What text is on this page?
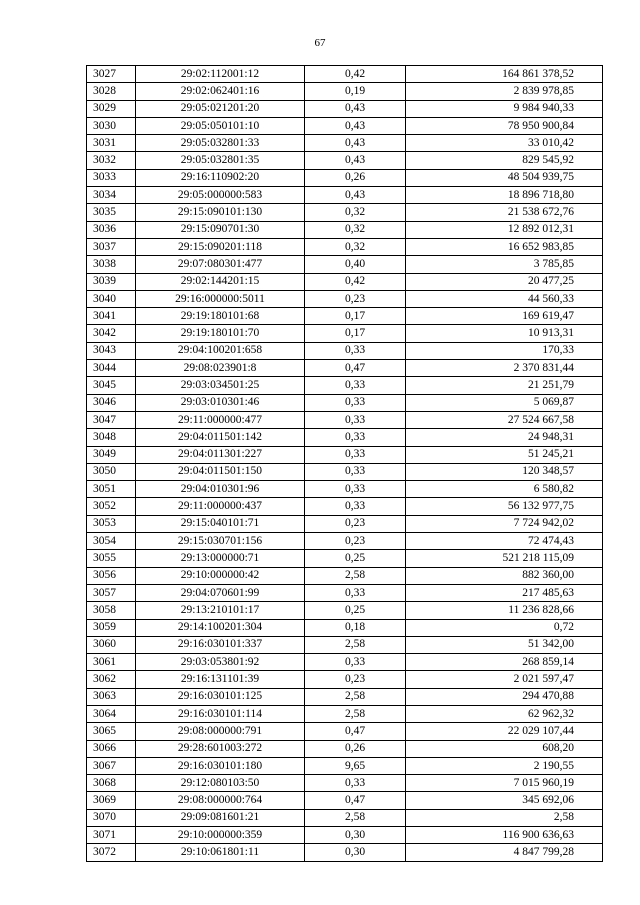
67
3027	29:02:112001:12	0,42	164 861 378,52
3028	29:02:062401:16	0,19	2 839 978,85
3029	29:05:021201:20	0,43	9 984 940,33
3030	29:05:050101:10	0,43	78 950 900,84
3031	29:05:032801:33	0,43	33 010,42
3032	29:05:032801:35	0,43	829 545,92
3033	29:16:110902:20	0,26	48 504 939,75
3034	29:05:000000:583	0,43	18 896 718,80
3035	29:15:090101:130	0,32	21 538 672,76
3036	29:15:090701:30	0,32	12 892 012,31
3037	29:15:090201:118	0,32	16 652 983,85
3038	29:07:080301:477	0,40	3 785,85
3039	29:02:144201:15	0,42	20 477,25
3040	29:16:000000:5011	0,23	44 560,33
3041	29:19:180101:68	0,17	169 619,47
3042	29:19:180101:70	0,17	10 913,31
3043	29:04:100201:658	0,33	170,33
3044	29:08:023901:8	0,47	2 370 831,44
3045	29:03:034501:25	0,33	21 251,79
3046	29:03:010301:46	0,33	5 069,87
3047	29:11:000000:477	0,33	27 524 667,58
3048	29:04:011501:142	0,33	24 948,31
3049	29:04:011301:227	0,33	51 245,21
3050	29:04:011501:150	0,33	120 348,57
3051	29:04:010301:96	0,33	6 580,82
3052	29:11:000000:437	0,33	56 132 977,75
3053	29:15:040101:71	0,23	7 724 942,02
3054	29:15:030701:156	0,23	72 474,43
3055	29:13:000000:71	0,25	521 218 115,09
3056	29:10:000000:42	2,58	882 360,00
3057	29:04:070601:99	0,33	217 485,63
3058	29:13:210101:17	0,25	11 236 828,66
3059	29:14:100201:304	0,18	0,72
3060	29:16:030101:337	2,58	51 342,00
3061	29:03:053801:92	0,33	268 859,14
3062	29:16:131101:39	0,23	2 021 597,47
3063	29:16:030101:125	2,58	294 470,88
3064	29:16:030101:114	2,58	62 962,32
3065	29:08:000000:791	0,47	22 029 107,44
3066	29:28:601003:272	0,26	608,20
3067	29:16:030101:180	9,65	2 190,55
3068	29:12:080103:50	0,33	7 015 960,19
3069	29:08:000000:764	0,47	345 692,06
3070	29:09:081601:21	2,58	2,58
3071	29:10:000000:359	0,30	116 900 636,63
3072	29:10:061801:11	0,30	4 847 799,28
